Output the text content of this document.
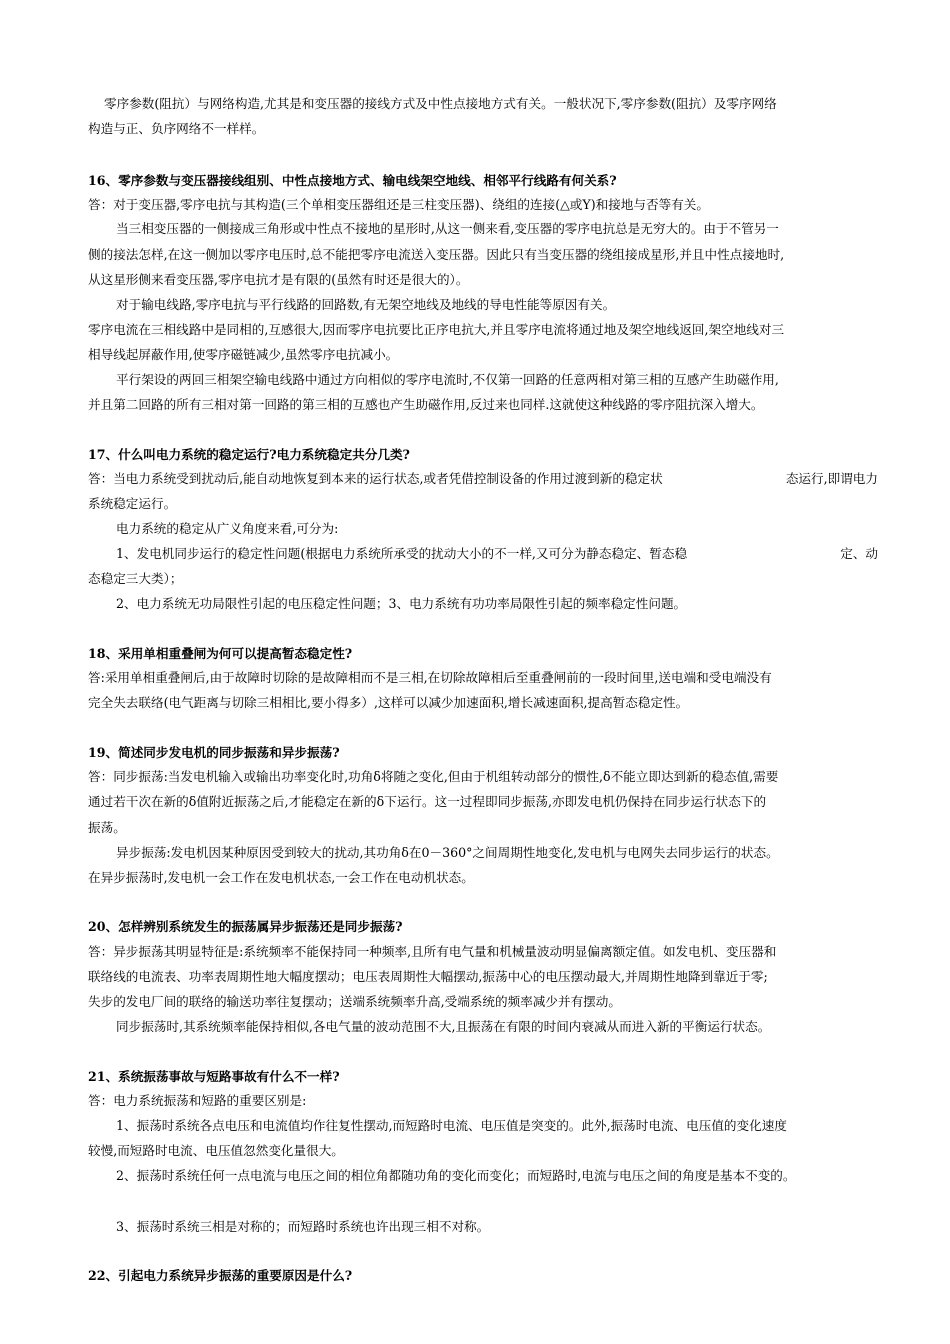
零序参数(阻抗）与网络构造,尤其是和变压器的接线方式及中性点接地方式有关。一般状况下,零序参数(阻抗）及零序网络
构造与正、负序网络不一样样。
16、零序参数与变压器接线组别、中性点接地方式、输电线架空地线、相邻平行线路有何关系?
答：对于变压器,零序电抗与其构造(三个单相变压器组还是三柱变压器)、绕组的连接(△或Y)和接地与否等有关。
当三相变压器的一侧接成三角形或中性点不接地的星形时,从这一侧来看,变压器的零序电抗总是无穷大的。由于不管另一
侧的接法怎样,在这一侧加以零序电压时,总不能把零序电流送入变压器。因此只有当变压器的绕组接成星形,并且中性点接地时,
从这星形侧来看变压器,零序电抗才是有限的(虽然有时还是很大的）。
对于输电线路,零序电抗与平行线路的回路数,有无架空地线及地线的导电性能等原因有关。
零序电流在三相线路中是同相的,互感很大,因而零序电抗要比正序电抗大,并且零序电流将通过地及架空地线返回,架空地线对三
相导线起屏蔽作用,使零序磁链减少,虽然零序电抗减小。
平行架设的两回三相架空输电线路中通过方向相似的零序电流时,不仅第一回路的任意两相对第三相的互感产生助磁作用,
并且第二回路的所有三相对第一回路的第三相的互感也产生助磁作用,反过来也同样.这就使这种线路的零序阻抗深入增大。
17、什么叫电力系统的稳定运行?电力系统稳定共分几类?
答：当电力系统受到扰动后,能自动地恢复到本来的运行状态,或者凭借控制设备的作用过渡到新的稳定状	态运行,即谓电力
系统稳定运行。
电力系统的稳定从广义角度来看,可分为:
1、发电机同步运行的稳定性问题(根据电力系统所承受的扰动大小的不一样,又可分为静态稳定、暂态稳	定、动
态稳定三大类）；
2、电力系统无功局限性引起的电压稳定性问题；3、电力系统有功功率局限性引起的频率稳定性问题。
18、采用单相重叠闸为何可以提高暂态稳定性?
答:采用单相重叠闸后,由于故障时切除的是故障相而不是三相,在切除故障相后至重叠闸前的一段时间里,送电端和受电端没有
完全失去联络(电气距离与切除三相相比,要小得多）,这样可以减少加速面积,增长减速面积,提高暂态稳定性。
19、简述同步发电机的同步振荡和异步振荡?
答：同步振荡:当发电机输入或输出功率变化时,功角δ将随之变化,但由于机组转动部分的惯性,δ不能立即达到新的稳态值,需要
通过若干次在新的δ值附近振荡之后,才能稳定在新的δ下运行。这一过程即同步振荡,亦即发电机仍保持在同步运行状态下的
振荡。
异步振荡:发电机因某种原因受到较大的扰动,其功角δ在0－360°之间周期性地变化,发电机与电网失去同步运行的状态。
在异步振荡时,发电机一会工作在发电机状态,一会工作在电动机状态。
20、怎样辨别系统发生的振荡属异步振荡还是同步振荡?
答：异步振荡其明显特征是:系统频率不能保持同一种频率,且所有电气量和机械量波动明显偏离额定值。如发电机、变压器和
联络线的电流表、功率表周期性地大幅度摆动；电压表周期性大幅摆动,振荡中心的电压摆动最大,并周期性地降到靠近于零;
失步的发电厂间的联络的输送功率往复摆动；送端系统频率升高,受端系统的频率减少并有摆动。
同步振荡时,其系统频率能保持相似,各电气量的波动范围不大,且振荡在有限的时间内衰减从而进入新的平衡运行状态。
21、系统振荡事故与短路事故有什么不一样?
答：电力系统振荡和短路的重要区别是:
1、振荡时系统各点电压和电流值均作往复性摆动,而短路时电流、电压值是突变的。此外,振荡时电流、电压值的变化速度
较慢,而短路时电流、电压值忽然变化量很大。
2、振荡时系统任何一点电流与电压之间的相位角都随功角的变化而变化；而短路时,电流与电压之间的角度是基本不变的。
3、振荡时系统三相是对称的；而短路时系统也许出现三相不对称。
22、引起电力系统异步振荡的重要原因是什么?
